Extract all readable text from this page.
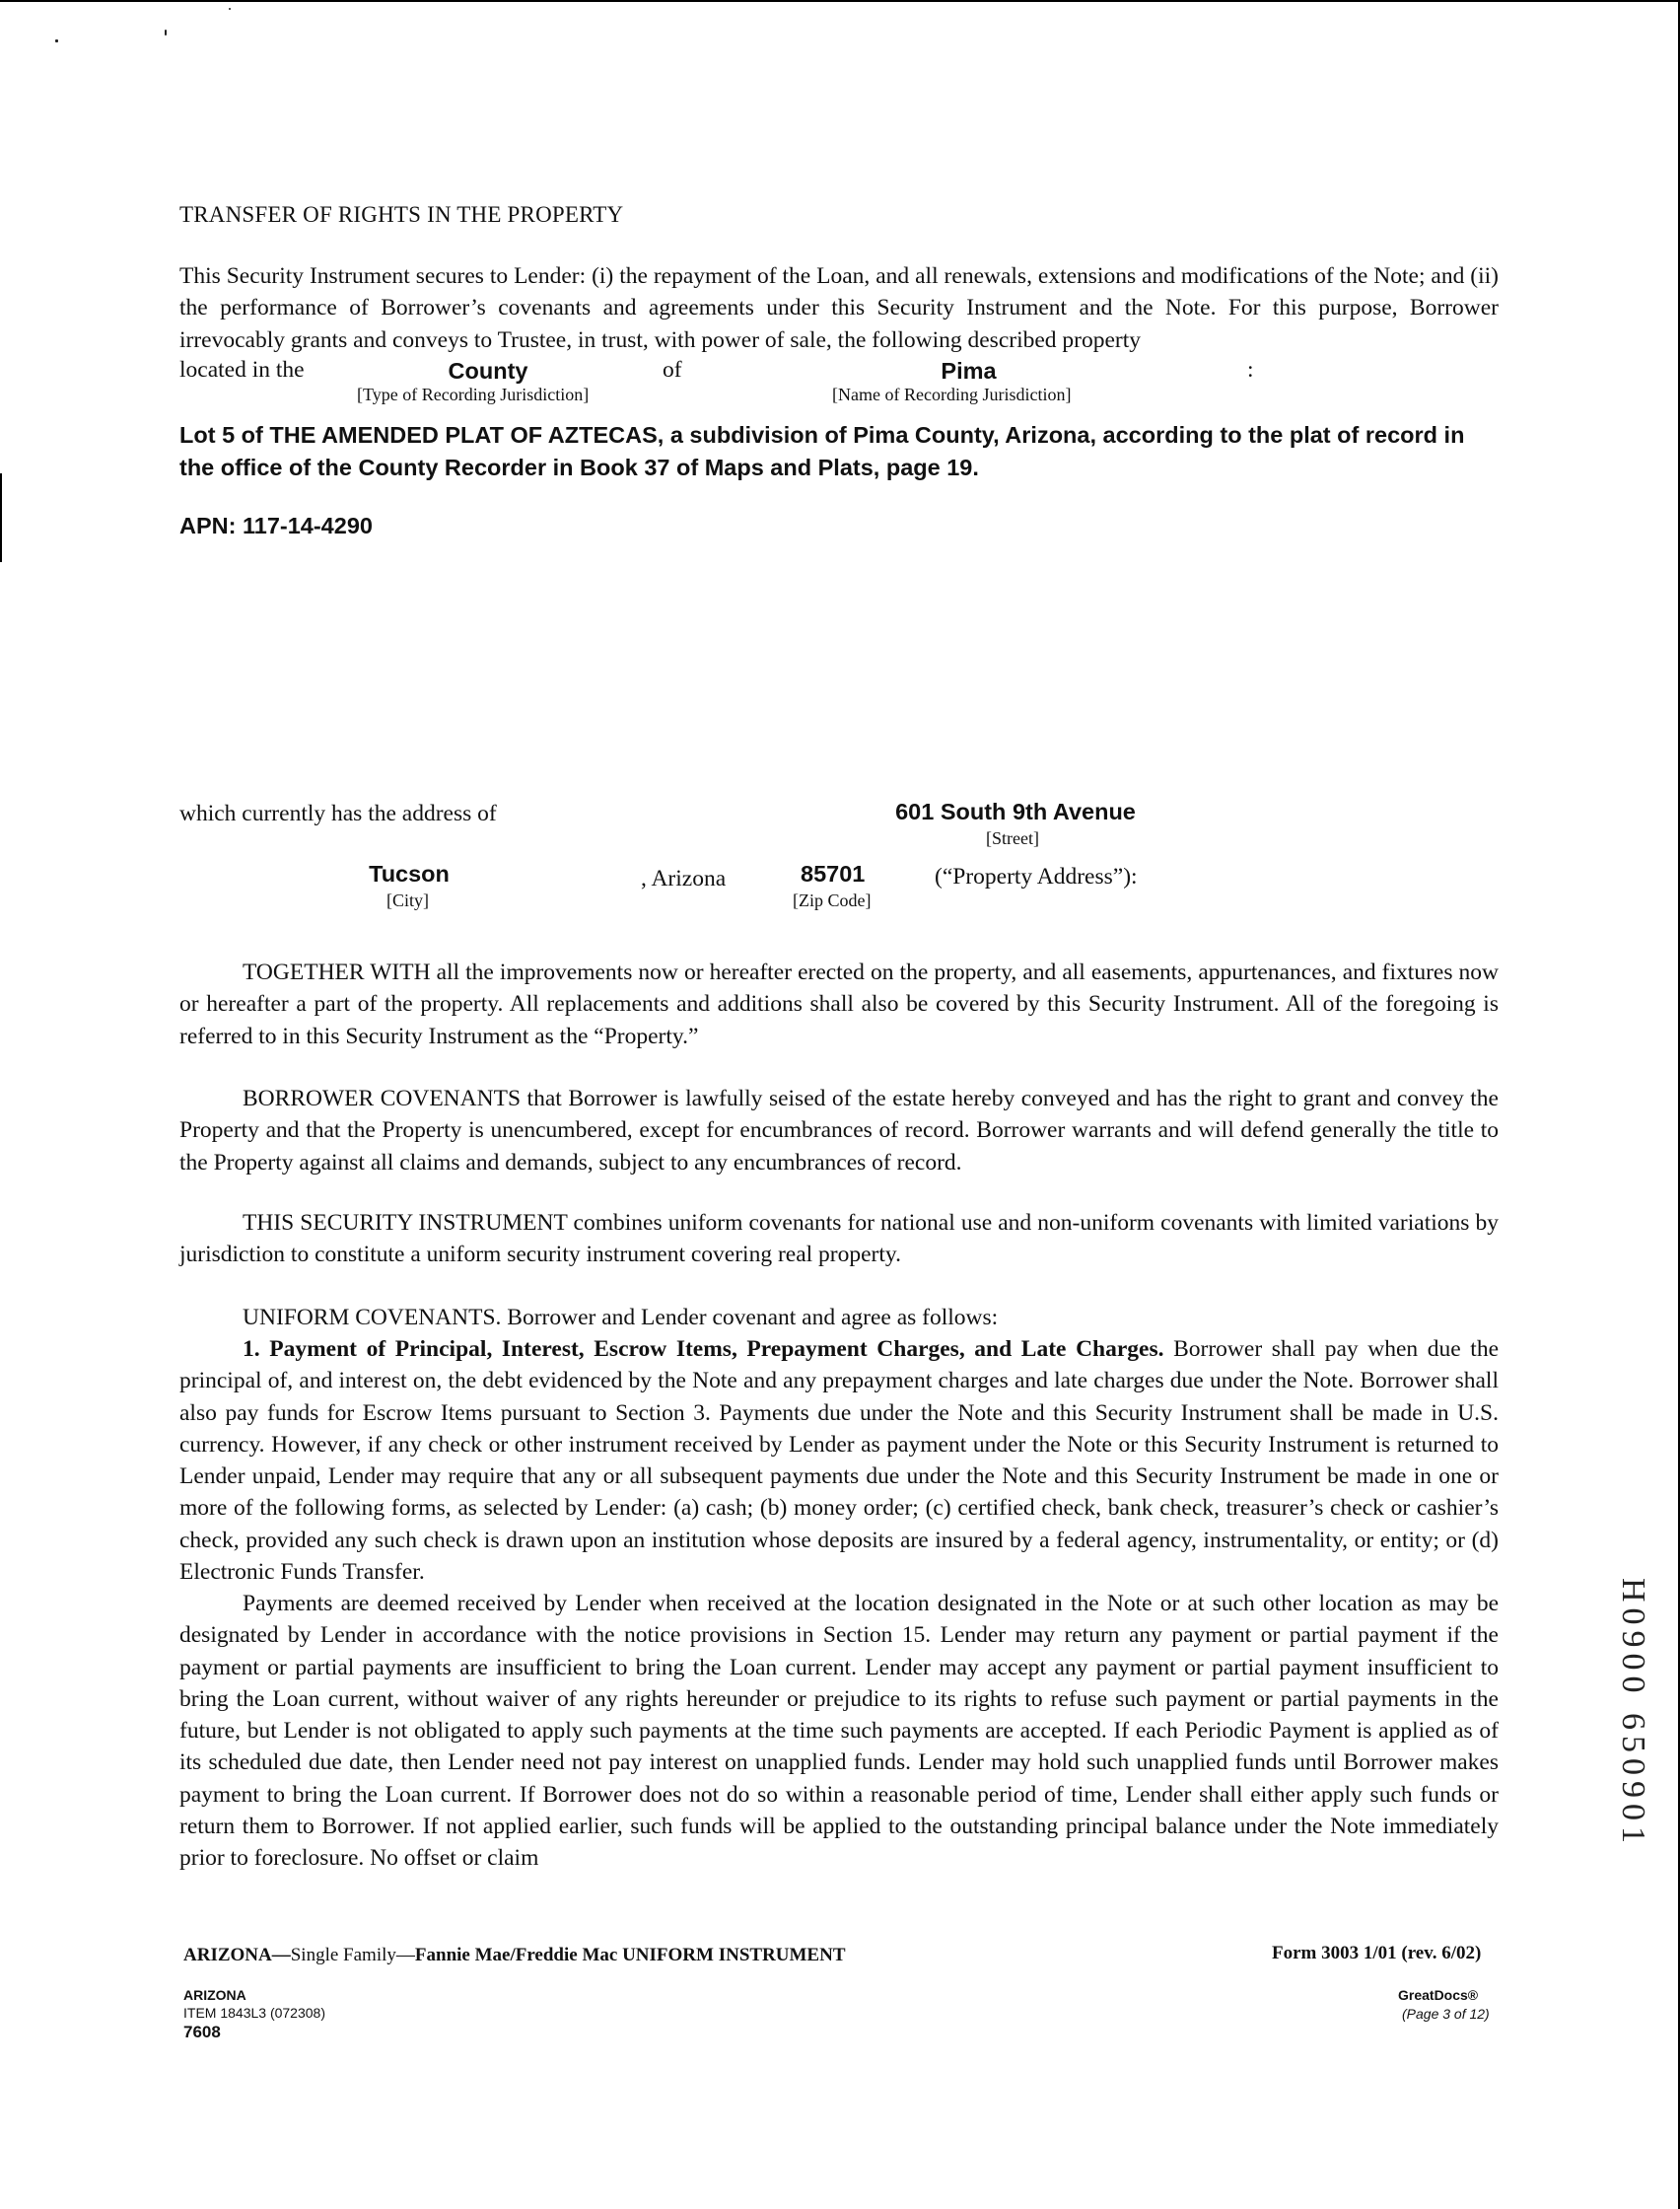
TRANSFER OF RIGHTS IN THE PROPERTY
This Security Instrument secures to Lender: (i) the repayment of the Loan, and all renewals, extensions and modifications of the Note; and (ii) the performance of Borrower’s covenants and agreements under this Security Instrument and the Note. For this purpose, Borrower irrevocably grants and conveys to Trustee, in trust, with power of sale, the following described property
located in the	County
[Type of Recording Jurisdiction]
of	Pima
[Name of Recording Jurisdiction]
:
Lot 5 of THE AMENDED PLAT OF AZTECAS, a subdivision of Pima County, Arizona, according to the plat of record in the office of the County Recorder in Book 37 of Maps and Plats, page 19.
APN: 117-14-4290
which currently has the address of	601 South 9th Avenue
[Street]
Tucson
[City]
, Arizona	85701
[Zip Code]
(“Property Address”):
TOGETHER WITH all the improvements now or hereafter erected on the property, and all easements, appurtenances, and fixtures now or hereafter a part of the property. All replacements and additions shall also be covered by this Security Instrument. All of the foregoing is referred to in this Security Instrument as the “Property.”
BORROWER COVENANTS that Borrower is lawfully seised of the estate hereby conveyed and has the right to grant and convey the Property and that the Property is unencumbered, except for encumbrances of record. Borrower warrants and will defend generally the title to the Property against all claims and demands, subject to any encumbrances of record.
THIS SECURITY INSTRUMENT combines uniform covenants for national use and non-uniform covenants with limited variations by jurisdiction to constitute a uniform security instrument covering real property.
UNIFORM COVENANTS. Borrower and Lender covenant and agree as follows:
1. Payment of Principal, Interest, Escrow Items, Prepayment Charges, and Late Charges. Borrower shall pay when due the principal of, and interest on, the debt evidenced by the Note and any prepayment charges and late charges due under the Note. Borrower shall also pay funds for Escrow Items pursuant to Section 3. Payments due under the Note and this Security Instrument shall be made in U.S. currency. However, if any check or other instrument received by Lender as payment under the Note or this Security Instrument is returned to Lender unpaid, Lender may require that any or all subsequent payments due under the Note and this Security Instrument be made in one or more of the following forms, as selected by Lender: (a) cash; (b) money order; (c) certified check, bank check, treasurer’s check or cashier’s check, provided any such check is drawn upon an institution whose deposits are insured by a federal agency, instrumentality, or entity; or (d) Electronic Funds Transfer.
Payments are deemed received by Lender when received at the location designated in the Note or at such other location as may be designated by Lender in accordance with the notice provisions in Section 15. Lender may return any payment or partial payment if the payment or partial payments are insufficient to bring the Loan current. Lender may accept any payment or partial payment insufficient to bring the Loan current, without waiver of any rights hereunder or prejudice to its rights to refuse such payment or partial payments in the future, but Lender is not obligated to apply such payments at the time such payments are accepted. If each Periodic Payment is applied as of its scheduled due date, then Lender need not pay interest on unapplied funds. Lender may hold such unapplied funds until Borrower makes payment to bring the Loan current. If Borrower does not do so within a reasonable period of time, Lender shall either apply such funds or return them to Borrower. If not applied earlier, such funds will be applied to the outstanding principal balance under the Note immediately prior to foreclosure. No offset or claim
ARIZONA—Single Family—Fannie Mae/Freddie Mac UNIFORM INSTRUMENT	Form 3003 1/01 (rev. 6/02)
ARIZONA
ITEM 1843L3 (072308)
7608
GreatDocs®
(Page 3 of 12)
H0900 650901
